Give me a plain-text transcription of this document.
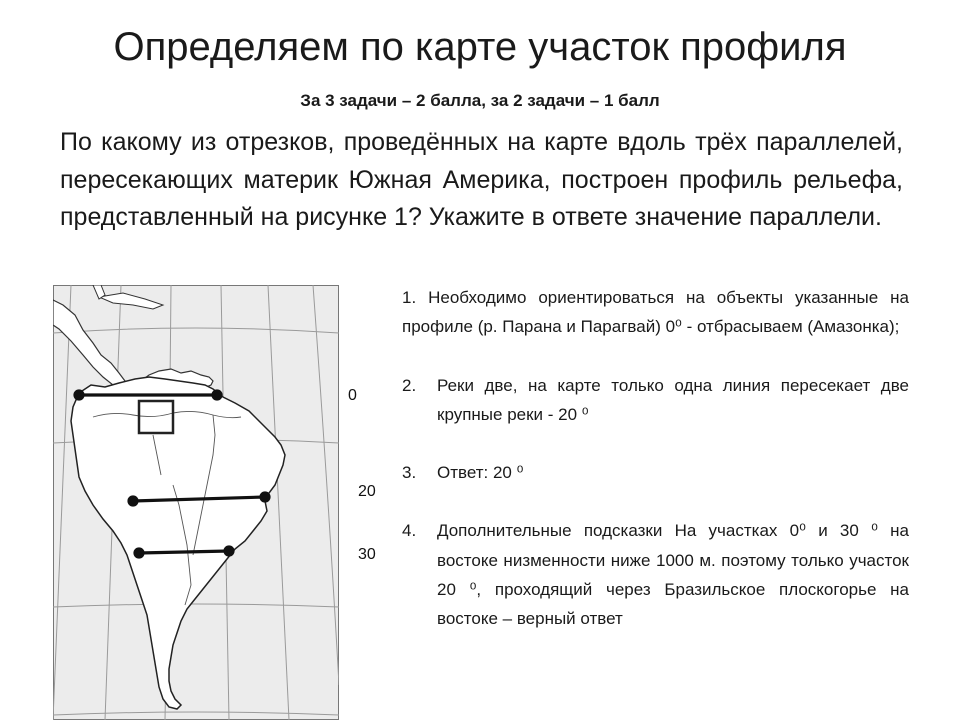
Определяем по карте участок профиля
За 3 задачи – 2 балла, за 2 задачи – 1 балл
По какому из отрезков, проведённых на карте вдоль трёх параллелей, пересекающих материк Южная Америка, построен профиль рельефа, представленный на рисунке 1? Укажите в ответе значение параллели.
0
20
30
1. Необходимо ориентироваться на объекты указанные на профиле (р. Парана и Парагвай) 0⁰ - отбрасываем (Амазонка);
2. Реки две, на карте только одна линия пересекает две крупные реки - 20 ⁰
3. Ответ: 20 ⁰
4. Дополнительные подсказки На участках 0⁰ и 30 ⁰ на востоке низменности ниже 1000 м. поэтому только участок 20 ⁰, проходящий через Бразильское плоскогорье на востоке – верный ответ
